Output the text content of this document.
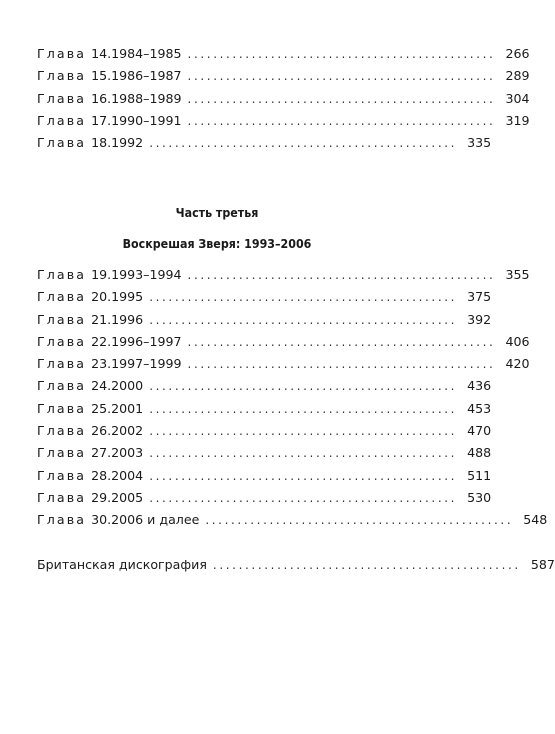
Глава 14. 1984–1985 ................................................ 266
Глава 15. 1986–1987 ................................................ 289
Глава 16. 1988–1989 ................................................ 304
Глава 17. 1990–1991 ................................................ 319
Глава 18. 1992 ................................................ 335
Часть третья
Воскрешая Зверя: 1993–2006
Глава 19. 1993–1994 ................................................ 355
Глава 20. 1995 ................................................ 375
Глава 21. 1996 ................................................ 392
Глава 22. 1996–1997 ................................................ 406
Глава 23. 1997–1999 ................................................ 420
Глава 24. 2000 ................................................ 436
Глава 25. 2001 ................................................ 453
Глава 26. 2002 ................................................ 470
Глава 27. 2003 ................................................ 488
Глава 28. 2004 ................................................ 511
Глава 29. 2005 ................................................ 530
Глава 30. 2006 и далее ................................................ 548
Британская дискография ................................................ 587
